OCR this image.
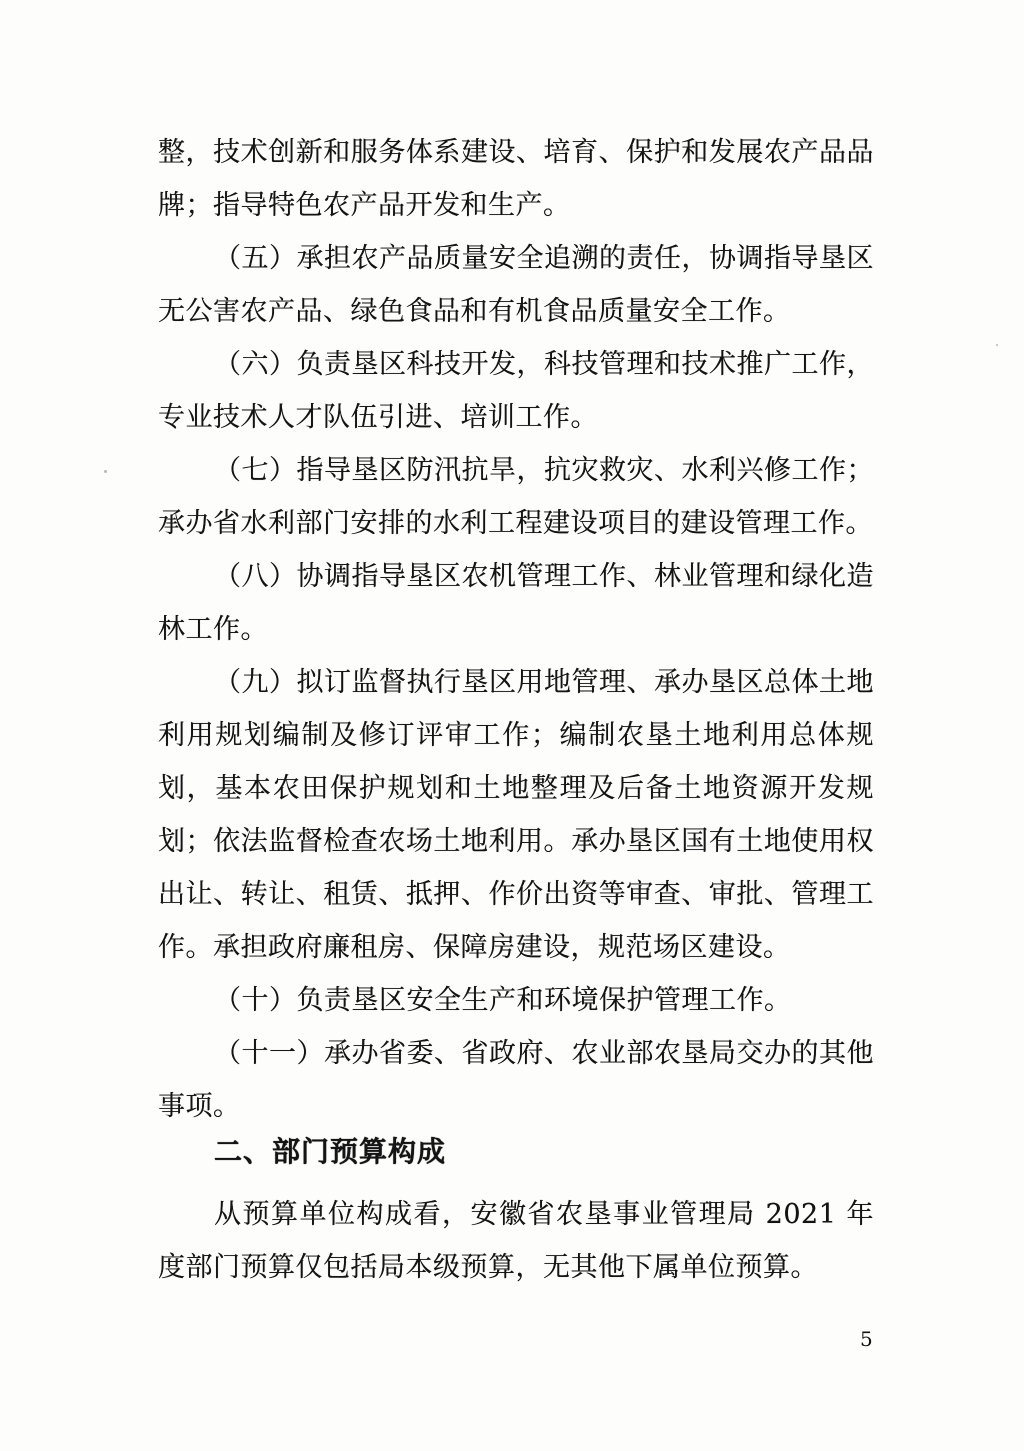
整，技术创新和服务体系建设、培育、保护和发展农产品品牌；指导特色农产品开发和生产。

（五）承担农产品质量安全追溯的责任，协调指导垦区无公害农产品、绿色食品和有机食品质量安全工作。

（六）负责垦区科技开发，科技管理和技术推广工作，专业技术人才队伍引进、培训工作。

（七）指导垦区防汛抗旱，抗灾救灾、水利兴修工作；承办省水利部门安排的水利工程建设项目的建设管理工作。

（八）协调指导垦区农机管理工作、林业管理和绿化造林工作。

（九）拟订监督执行垦区用地管理、承办垦区总体土地利用规划编制及修订评审工作；编制农垦土地利用总体规划，基本农田保护规划和土地整理及后备土地资源开发规划；依法监督检查农场土地利用。承办垦区国有土地使用权出让、转让、租赁、抵押、作价出资等审查、审批、管理工作。承担政府廉租房、保障房建设，规范场区建设。

（十）负责垦区安全生产和环境保护管理工作。

（十一）承办省委、省政府、农业部农垦局交办的其他事项。

二、部门预算构成

从预算单位构成看，安徽省农垦事业管理局 2021 年度部门预算仅包括局本级预算，无其他下属单位预算。

5
